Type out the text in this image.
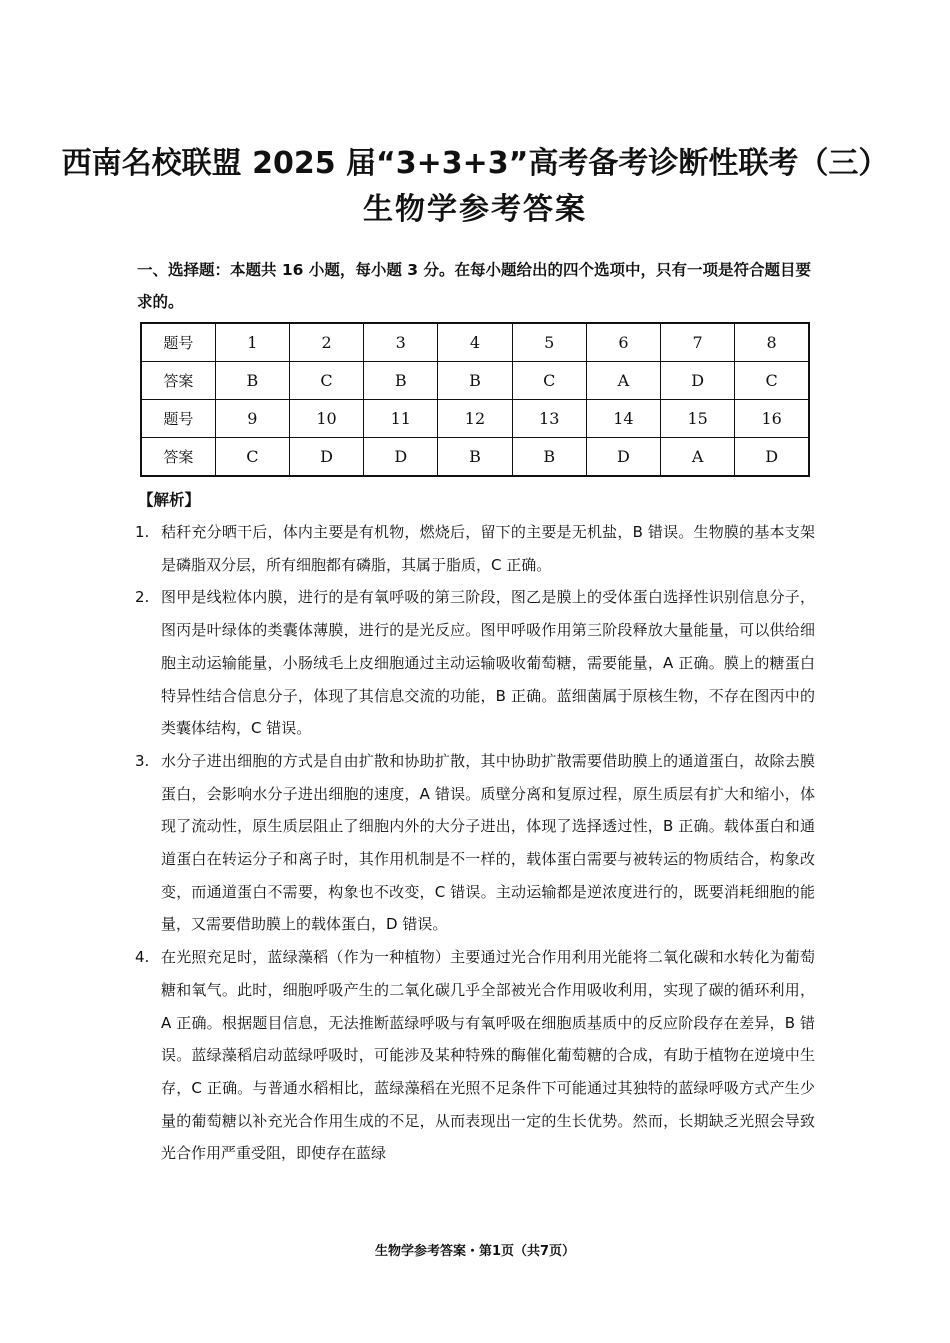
西南名校联盟 2025 届“3+3+3”高考备考诊断性联考（三）
生物学参考答案
一、选择题：本题共 16 小题，每小题 3 分。在每小题给出的四个选项中，只有一项是符合题目要求的。
题号	1	2	3	4	5	6	7	8
答案	B	C	B	B	C	A	D	C
题号	9	10	11	12	13	14	15	16
答案	C	D	D	B	B	D	A	D
【解析】
1. 秸秆充分晒干后，体内主要是有机物，燃烧后，留下的主要是无机盐，B 错误。生物膜的基本支架是磷脂双分层，所有细胞都有磷脂，其属于脂质，C 正确。
2. 图甲是线粒体内膜，进行的是有氧呼吸的第三阶段，图乙是膜上的受体蛋白选择性识别信息分子，图丙是叶绿体的类囊体薄膜，进行的是光反应。图甲呼吸作用第三阶段释放大量能量，可以供给细胞主动运输能量，小肠绒毛上皮细胞通过主动运输吸收葡萄糖，需要能量，A 正确。膜上的糖蛋白特异性结合信息分子，体现了其信息交流的功能，B 正确。蓝细菌属于原核生物，不存在图丙中的类囊体结构，C 错误。
3. 水分子进出细胞的方式是自由扩散和协助扩散，其中协助扩散需要借助膜上的通道蛋白，故除去膜蛋白，会影响水分子进出细胞的速度，A 错误。质壁分离和复原过程，原生质层有扩大和缩小，体现了流动性，原生质层阻止了细胞内外的大分子进出，体现了选择透过性，B 正确。载体蛋白和通道蛋白在转运分子和离子时，其作用机制是不一样的，载体蛋白需要与被转运的物质结合，构象改变，而通道蛋白不需要，构象也不改变，C 错误。主动运输都是逆浓度进行的，既要消耗细胞的能量，又需要借助膜上的载体蛋白，D 错误。
4. 在光照充足时，蓝绿藻稻（作为一种植物）主要通过光合作用利用光能将二氧化碳和水转化为葡萄糖和氧气。此时，细胞呼吸产生的二氧化碳几乎全部被光合作用吸收利用，实现了碳的循环利用，A 正确。根据题目信息，无法推断蓝绿呼吸与有氧呼吸在细胞质基质中的反应阶段存在差异，B 错误。蓝绿藻稻启动蓝绿呼吸时，可能涉及某种特殊的酶催化葡萄糖的合成，有助于植物在逆境中生存，C 正确。与普通水稻相比，蓝绿藻稻在光照不足条件下可能通过其独特的蓝绿呼吸方式产生少量的葡萄糖以补充光合作用生成的不足，从而表现出一定的生长优势。然而，长期缺乏光照会导致光合作用严重受阻，即使存在蓝绿
生物学参考答案・第1页（共7页）
